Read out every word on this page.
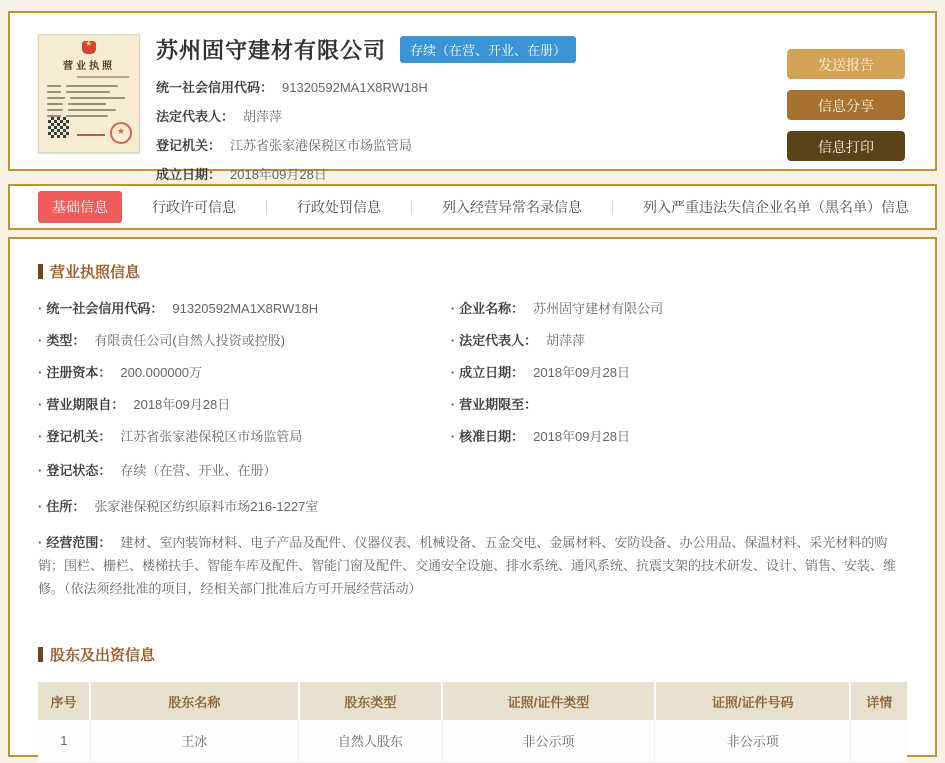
★
营业执照
★
苏州固守建材有限公司	存续（在营、开业、在册）
统一社会信用代码： 91320592MA1X8RW18H
法定代表人： 胡萍萍
登记机关： 江苏省张家港保税区市场监管局
成立日期： 2018年09月28日
发送报告
信息分享
信息打印
基础信息	行政许可信息	行政处罚信息	列入经营异常名录信息	列入严重违法失信企业名单（黑名单）信息
营业执照信息
· 统一社会信用代码： 91320592MA1X8RW18H	· 企业名称： 苏州固守建材有限公司
· 类型： 有限责任公司(自然人投资或控股)	· 法定代表人： 胡萍萍
· 注册资本： 200.000000万	· 成立日期： 2018年09月28日
· 营业期限自： 2018年09月28日	· 营业期限至：
· 登记机关： 江苏省张家港保税区市场监管局	· 核准日期： 2018年09月28日
· 登记状态： 存续（在营、开业、在册）
· 住所： 张家港保税区纺织原料市场216-1227室
· 经营范围： 建材、室内装饰材料、电子产品及配件、仪器仪表、机械设备、五金交电、金属材料、安防设备、办公用品、保温材料、采光材料的购销；围栏、栅栏、楼梯扶手、智能车库及配件、智能门窗及配件、交通安全设施、排水系统、通风系统、抗震支架的技术研发、设计、销售、安装、维修。（依法须经批准的项目，经相关部门批准后方可开展经营活动）
股东及出资信息
序号	股东名称	股东类型	证照/证件类型	证照/证件号码	详情
1	王冰	自然人股东	非公示项	非公示项	
